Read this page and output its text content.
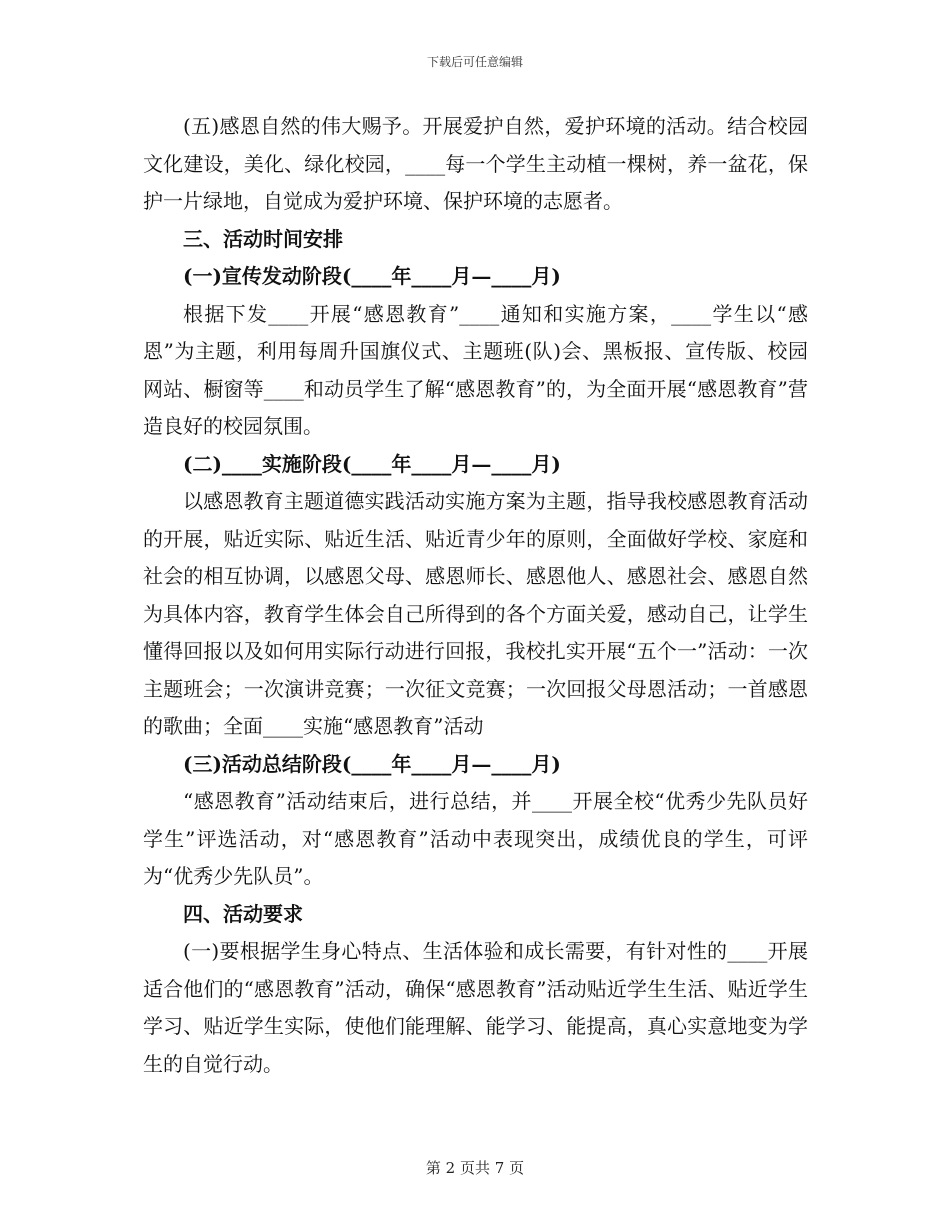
下载后可任意编辑

(五)感恩自然的伟大赐予。开展爱护自然，爱护环境的活动。结合校园文化建设，美化、绿化校园，____每一个学生主动植一棵树，养一盆花，保护一片绿地，自觉成为爱护环境、保护环境的志愿者。

三、活动时间安排

(一)宣传发动阶段(____年____月—____月)

根据下发____开展“感恩教育”____通知和实施方案，____学生以“感恩”为主题，利用每周升国旗仪式、主题班(队)会、黑板报、宣传版、校园网站、橱窗等____和动员学生了解“感恩教育”的，为全面开展“感恩教育”营造良好的校园氛围。

(二)____实施阶段(____年____月—____月)

以感恩教育主题道德实践活动实施方案为主题，指导我校感恩教育活动的开展，贴近实际、贴近生活、贴近青少年的原则，全面做好学校、家庭和社会的相互协调，以感恩父母、感恩师长、感恩他人、感恩社会、感恩自然为具体内容，教育学生体会自己所得到的各个方面关爱，感动自己，让学生懂得回报以及如何用实际行动进行回报，我校扎实开展“五个一”活动：一次主题班会；一次演讲竞赛；一次征文竞赛；一次回报父母恩活动；一首感恩的歌曲；全面____实施“感恩教育”活动

(三)活动总结阶段(____年____月—____月)

“感恩教育”活动结束后，进行总结，并____开展全校“优秀少先队员好学生”评选活动，对“感恩教育”活动中表现突出，成绩优良的学生，可评为“优秀少先队员”。

四、活动要求

(一)要根据学生身心特点、生活体验和成长需要，有针对性的____开展适合他们的“感恩教育”活动，确保“感恩教育”活动贴近学生生活、贴近学生学习、贴近学生实际，使他们能理解、能学习、能提高，真心实意地变为学生的自觉行动。

第 2 页共 7 页
